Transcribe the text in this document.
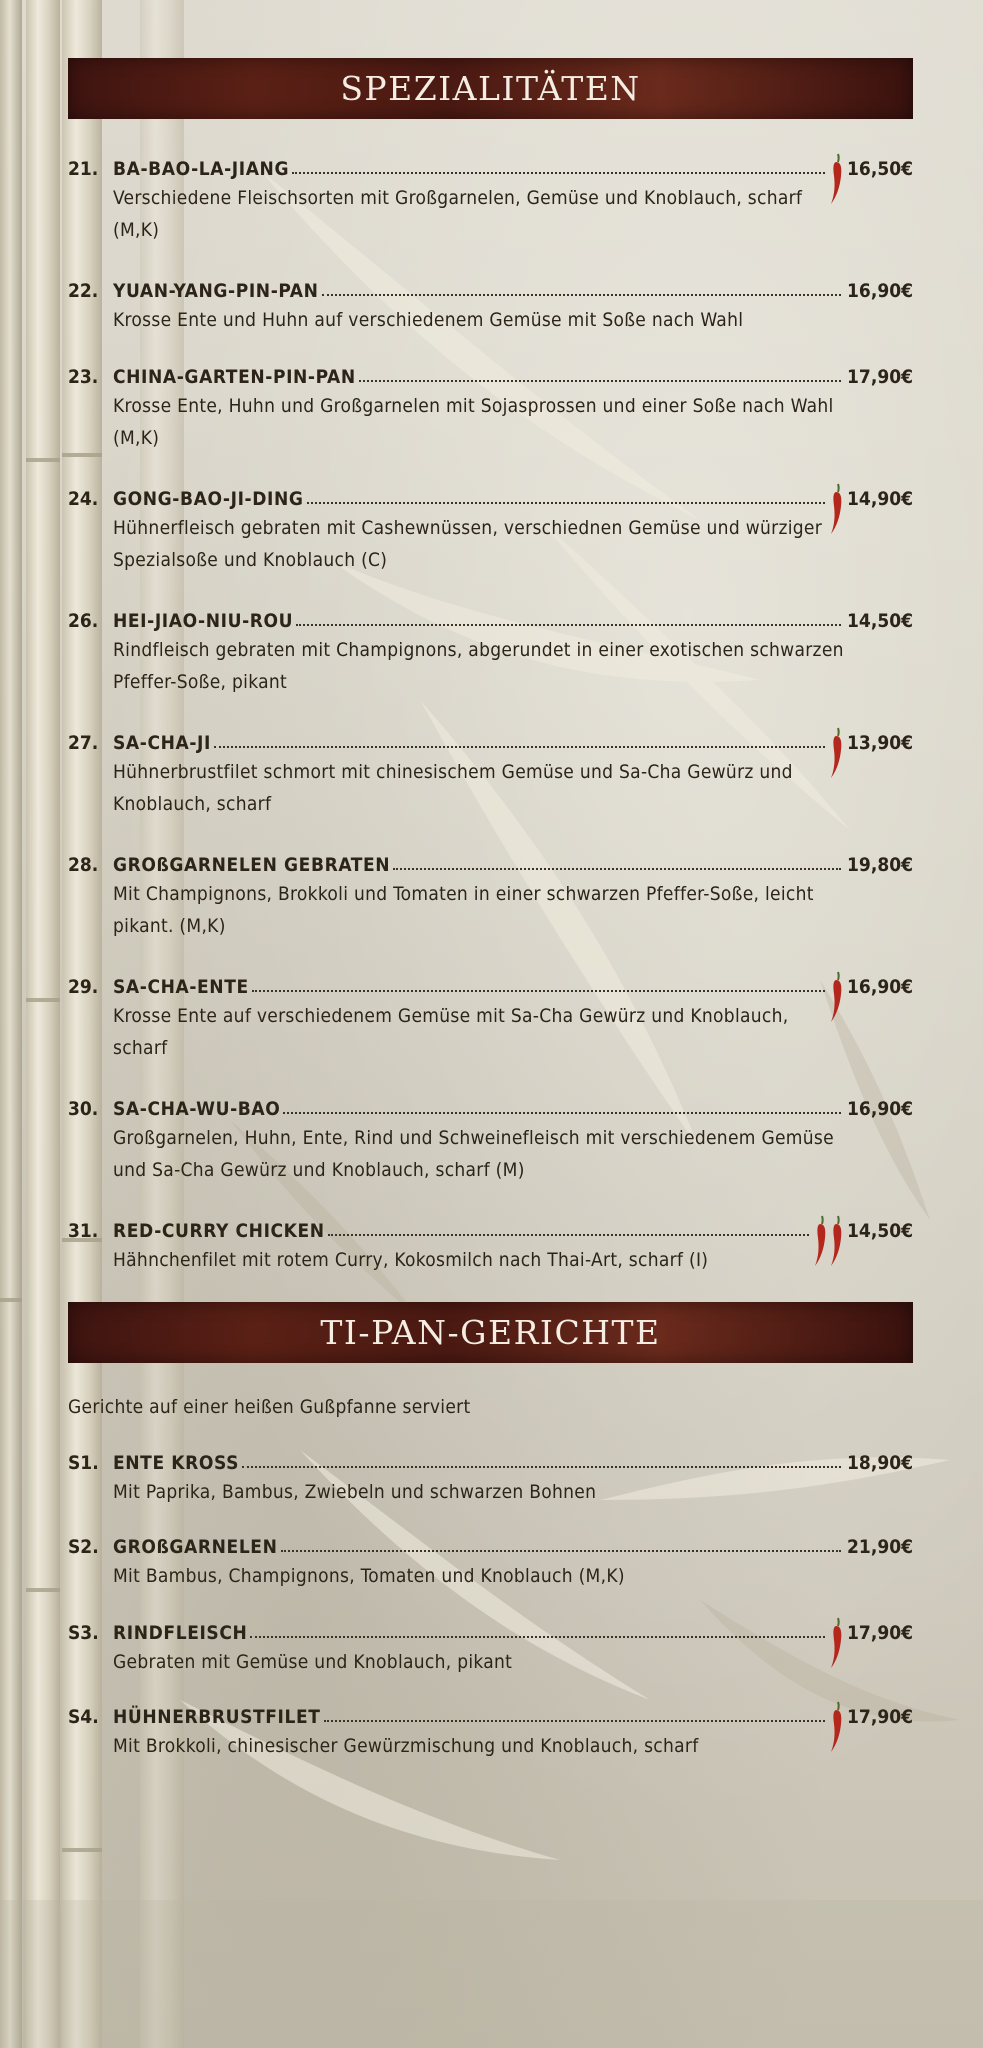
SPEZIALITÄTEN
TI-PAN-GERICHTE
Gerichte auf einer heißen Gußpfanne serviert
21. BA-BAO-LA-JIANG	16,50€
Verschiedene Fleischsorten mit Großgarnelen, Gemüse und Knoblauch, scharf (M,K)
22. YUAN-YANG-PIN-PAN	16,90€
Krosse Ente und Huhn auf verschiedenem Gemüse mit Soße nach Wahl
23. CHINA-GARTEN-PIN-PAN	17,90€
Krosse Ente, Huhn und Großgarnelen mit Sojasprossen und einer Soße nach Wahl (M,K)
24. GONG-BAO-JI-DING	14,90€
Hühnerfleisch gebraten mit Cashewnüssen, verschiednen Gemüse und würziger Spezialsoße und Knoblauch (C)
26. HEI-JIAO-NIU-ROU	14,50€
Rindfleisch gebraten mit Champignons, abgerundet in einer exotischen schwarzen Pfeffer-Soße, pikant
27. SA-CHA-JI	13,90€
Hühnerbrustfilet schmort mit chinesischem Gemüse und Sa-Cha Gewürz und Knoblauch, scharf
28. GROßGARNELEN GEBRATEN	19,80€
Mit Champignons, Brokkoli und Tomaten in einer schwarzen Pfeffer-Soße, leicht pikant. (M,K)
29. SA-CHA-ENTE	16,90€
Krosse Ente auf verschiedenem Gemüse mit Sa-Cha Gewürz und Knoblauch, scharf
30. SA-CHA-WU-BAO	16,90€
Großgarnelen, Huhn, Ente, Rind und Schweinefleisch mit verschiedenem Gemüse und Sa-Cha Gewürz und Knoblauch, scharf (M)
31. RED-CURRY CHICKEN	14,50€
Hähnchenfilet mit rotem Curry, Kokosmilch nach Thai-Art, scharf (I)
S1. ENTE KROSS	18,90€
Mit Paprika, Bambus, Zwiebeln und schwarzen Bohnen
S2. GROßGARNELEN	21,90€
Mit Bambus, Champignons, Tomaten und Knoblauch (M,K)
S3. RINDFLEISCH	17,90€
Gebraten mit Gemüse und Knoblauch, pikant
S4. HÜHNERBRUSTFILET	17,90€
Mit Brokkoli, chinesischer Gewürzmischung und Knoblauch, scharf
